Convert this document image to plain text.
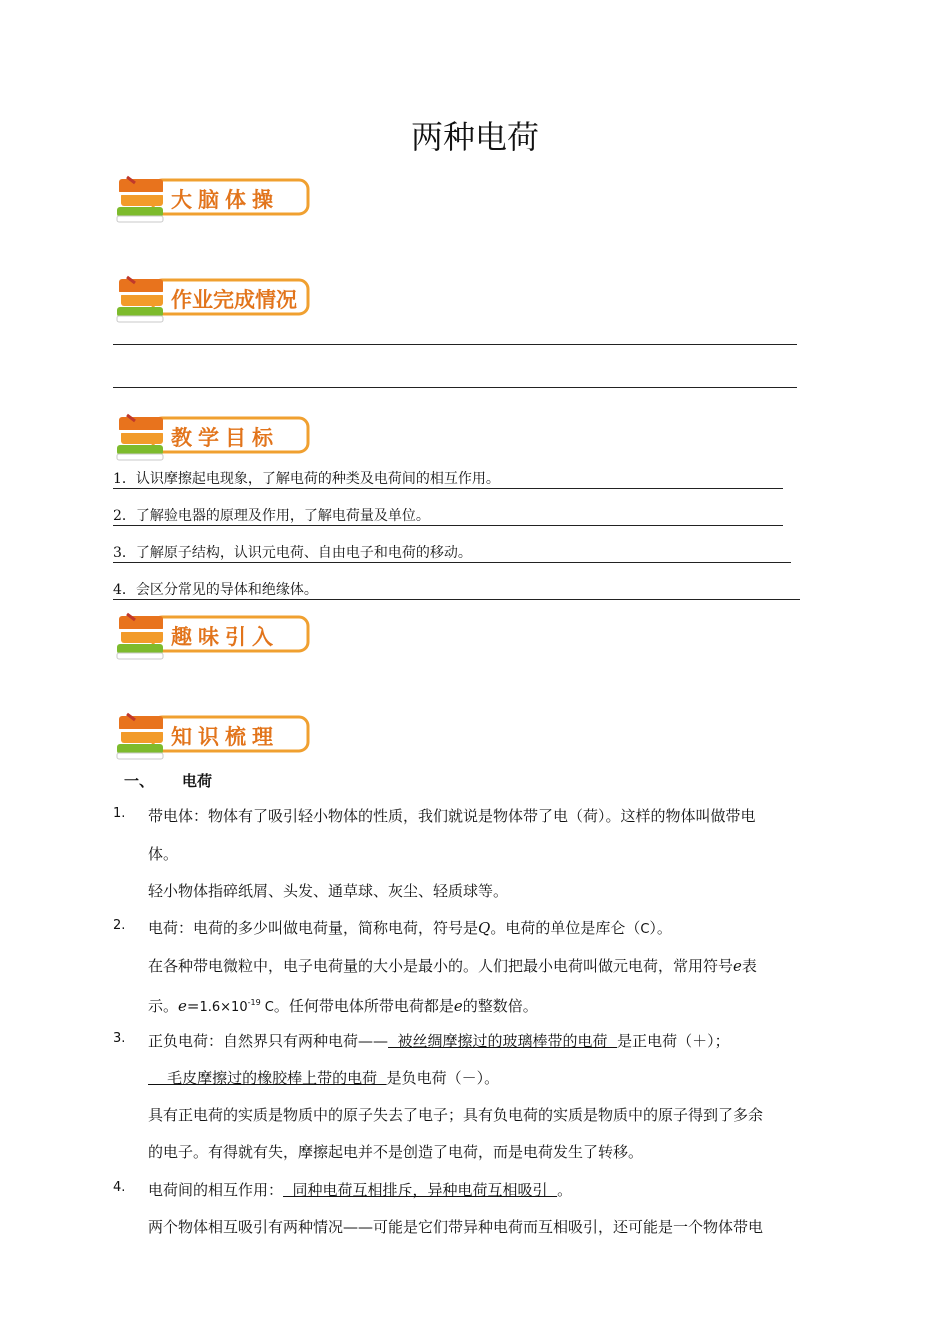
两种电荷
大脑体操
作业完成情况
教学目标
1．认识摩擦起电现象，了解电荷的种类及电荷间的相互作用。
2．了解验电器的原理及作用，了解电荷量及单位。
3．了解原子结构，认识元电荷、自由电子和电荷的移动。
4．会区分常见的导体和绝缘体。
趣味引入
知识梳理
一、 电荷
1. 带电体：物体有了吸引轻小物体的性质，我们就说是物体带了电（荷）。这样的物体叫做带电
体。
轻小物体指碎纸屑、头发、通草球、灰尘、轻质球等。
2. 电荷：电荷的多少叫做电荷量，简称电荷，符号是Q。电荷的单位是库仑（C）。
在各种带电微粒中，电子电荷量的大小是最小的。人们把最小电荷叫做元电荷，常用符号e表
示。$e=1.6\times 10^{-19}$ C。任何带电体所带电荷都是e的整数倍。
3. 正负电荷：自然界只有两种电荷——  被丝绸摩擦过的玻璃棒带的电荷  是正电荷（＋）；
毛皮摩擦过的橡胶棒上带的电荷  是负电荷（－）。
具有正电荷的实质是物质中的原子失去了电子；具有负电荷的实质是物质中的原子得到了多余
的电子。有得就有失，摩擦起电并不是创造了电荷，而是电荷发生了转移。
4. 电荷间的相互作用：  同种电荷互相排斥，异种电荷互相吸引  。
两个物体相互吸引有两种情况——可能是它们带异种电荷而互相吸引，还可能是一个物体带电
